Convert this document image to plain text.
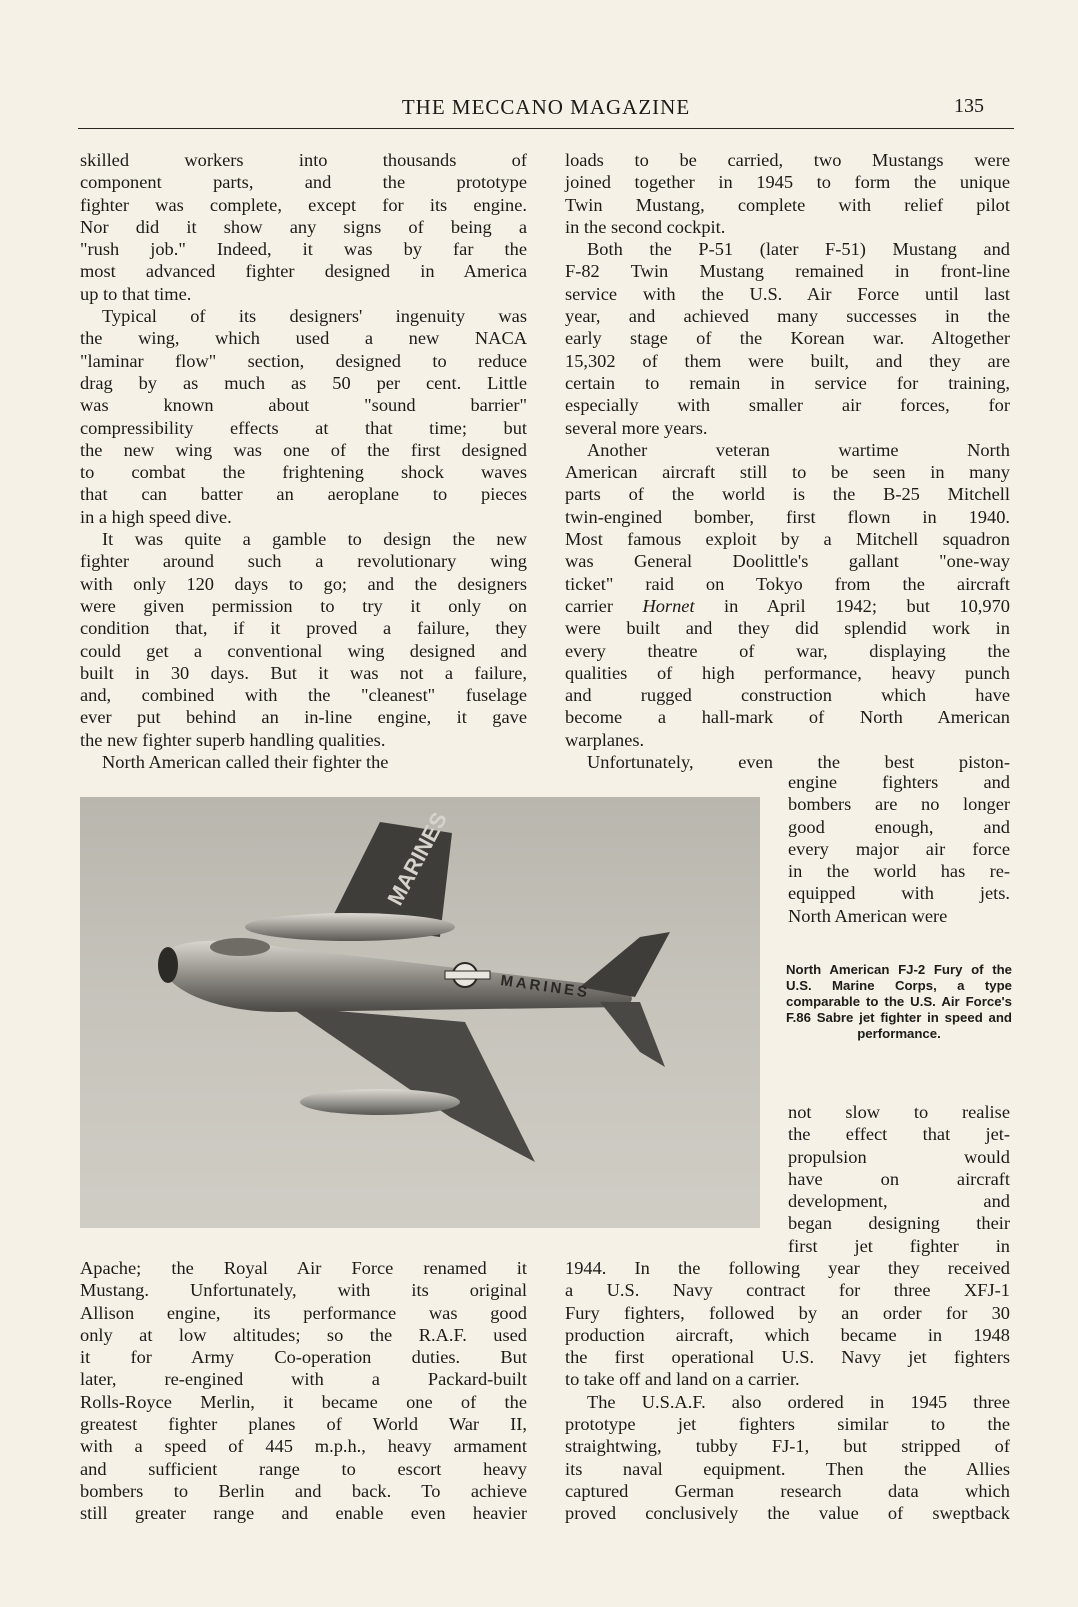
THE MECCANO MAGAZINE	135

skilled workers into thousands of
component parts, and the prototype
fighter was complete, except for its engine.
Nor did it show any signs of being a
"rush job." Indeed, it was by far the
most advanced fighter designed in America
up to that time.

Typical of its designers' ingenuity was
the wing, which used a new NACA
"laminar flow" section, designed to reduce
drag by as much as 50 per cent. Little
was known about "sound barrier"
compressibility effects at that time; but
the new wing was one of the first designed
to combat the frightening shock waves
that can batter an aeroplane to pieces
in a high speed dive.

It was quite a gamble to design the new
fighter around such a revolutionary wing
with only 120 days to go; and the designers
were given permission to try it only on
condition that, if it proved a failure, they
could get a conventional wing designed and
built in 30 days. But it was not a failure,
and, combined with the "cleanest" fuselage
ever put behind an in-line engine, it gave
the new fighter superb handling qualities.

North American called their fighter the

loads to be carried, two Mustangs were
joined together in 1945 to form the unique
Twin Mustang, complete with relief pilot
in the second cockpit.

Both the P-51 (later F-51) Mustang and
F-82 Twin Mustang remained in front-line
service with the U.S. Air Force until last
year, and achieved many successes in the
early stage of the Korean war. Altogether
15,302 of them were built, and they are
certain to remain in service for training,
especially with smaller air forces, for
several more years.

Another veteran wartime North
American aircraft still to be seen in many
parts of the world is the B-25 Mitchell
twin-engined bomber, first flown in 1940.
Most famous exploit by a Mitchell squadron
was General Doolittle's gallant "one-way
ticket" raid on Tokyo from the aircraft
carrier Hornet in April 1942; but 10,970
were built and they did splendid work in
every theatre of war, displaying the
qualities of high performance, heavy punch
and rugged construction which have
become a hall-mark of North American
warplanes.

Unfortunately, even the best piston-

engine fighters and
bombers are no longer
good enough, and
every major air force
in the world has re-
equipped with jets.
North American were
North American FJ-2 Fury of the U.S. Marine Corps, a type comparable to the U.S. Air Force's F.86 Sabre jet fighter in speed and performance.
not slow to realise
the effect that jet-
propulsion would
have on aircraft
development, and
began designing their
first jet fighter in
MARINES
MARINES
Apache; the Royal Air Force renamed it
Mustang. Unfortunately, with its original
Allison engine, its performance was good
only at low altitudes; so the R.A.F. used
it for Army Co-operation duties. But
later, re-engined with a Packard-built
Rolls-Royce Merlin, it became one of the
greatest fighter planes of World War II,
with a speed of 445 m.p.h., heavy armament
and sufficient range to escort heavy
bombers to Berlin and back. To achieve
still greater range and enable even heavier

1944. In the following year they received
a U.S. Navy contract for three XFJ-1
Fury fighters, followed by an order for 30
production aircraft, which became in 1948
the first operational U.S. Navy jet fighters
to take off and land on a carrier.

The U.S.A.F. also ordered in 1945 three
prototype jet fighters similar to the
straightwing, tubby FJ-1, but stripped of
its naval equipment. Then the Allies
captured German research data which
proved conclusively the value of sweptback
